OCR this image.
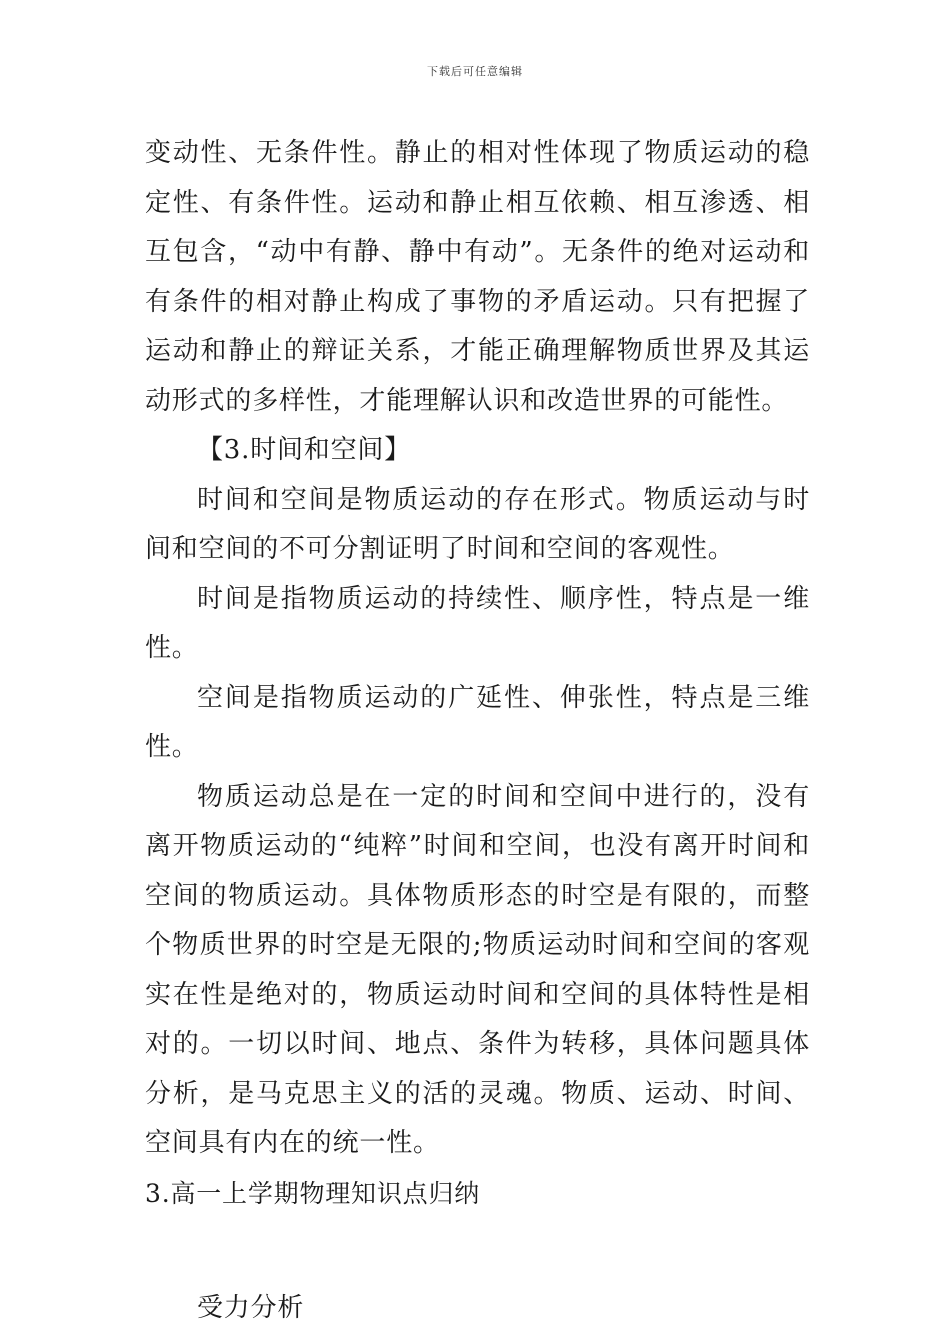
下载后可任意编辑

变动性、无条件性。静止的相对性体现了物质运动的稳定性、有条件性。运动和静止相互依赖、相互渗透、相互包含，“动中有静、静中有动”。无条件的绝对运动和有条件的相对静止构成了事物的矛盾运动。只有把握了运动和静止的辩证关系，才能正确理解物质世界及其运动形式的多样性，才能理解认识和改造世界的可能性。

【3.时间和空间】

时间和空间是物质运动的存在形式。物质运动与时间和空间的不可分割证明了时间和空间的客观性。

时间是指物质运动的持续性、顺序性，特点是一维性。

空间是指物质运动的广延性、伸张性，特点是三维性。

物质运动总是在一定的时间和空间中进行的，没有离开物质运动的“纯粹”时间和空间，也没有离开时间和空间的物质运动。具体物质形态的时空是有限的，而整个物质世界的时空是无限的;物质运动时间和空间的客观实在性是绝对的，物质运动时间和空间的具体特性是相对的。一切以时间、地点、条件为转移，具体问题具体分析，是马克思主义的活的灵魂。物质、运动、时间、空间具有内在的统一性。

3.高一上学期物理知识点归纳

受力分析
